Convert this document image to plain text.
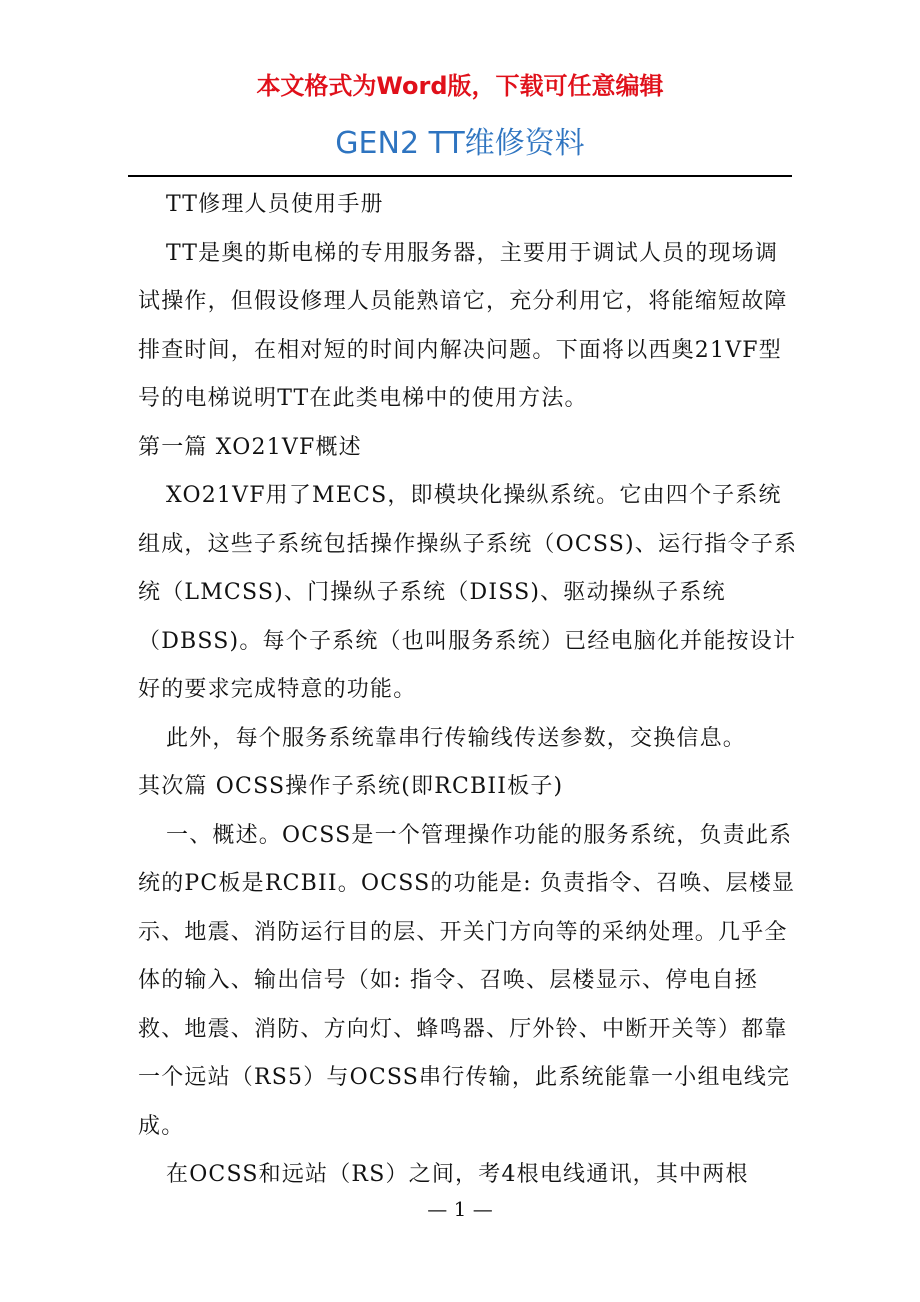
本文格式为Word版，下载可任意编辑
GEN2 TT维修资料

TT修理人员使用手册

TT是奥的斯电梯的专用服务器，主要用于调试人员的现场调试操作，但假设修理人员能熟谙它，充分利用它，将能缩短故障排查时间，在相对短的时间内解决问题。下面将以西奥21VF型号的电梯说明TT在此类电梯中的使用方法。

第一篇 XO21VF概述

XO21VF用了MECS，即模块化操纵系统。它由四个子系统组成，这些子系统包括操作操纵子系统（OCSS)、运行指令子系统（LMCSS)、门操纵子系统（DISS)、驱动操纵子系统（DBSS)。每个子系统（也叫服务系统）已经电脑化并能按设计好的要求完成特意的功能。

此外，每个服务系统靠串行传输线传送参数，交换信息。

其次篇 OCSS操作子系统(即RCBII板子)

一、概述。OCSS是一个管理操作功能的服务系统，负责此系统的PC板是RCBII。OCSS的功能是: 负责指令、召唤、层楼显示、地震、消防运行目的层、开关门方向等的采纳处理。几乎全体的输入、输出信号（如: 指令、召唤、层楼显示、停电自拯救、地震、消防、方向灯、蜂鸣器、厅外铃、中断开关等）都靠一个远站（RS5）与OCSS串行传输，此系统能靠一小组电线完成。

在OCSS和远站（RS）之间，考4根电线通讯，其中两根

— 1 —
